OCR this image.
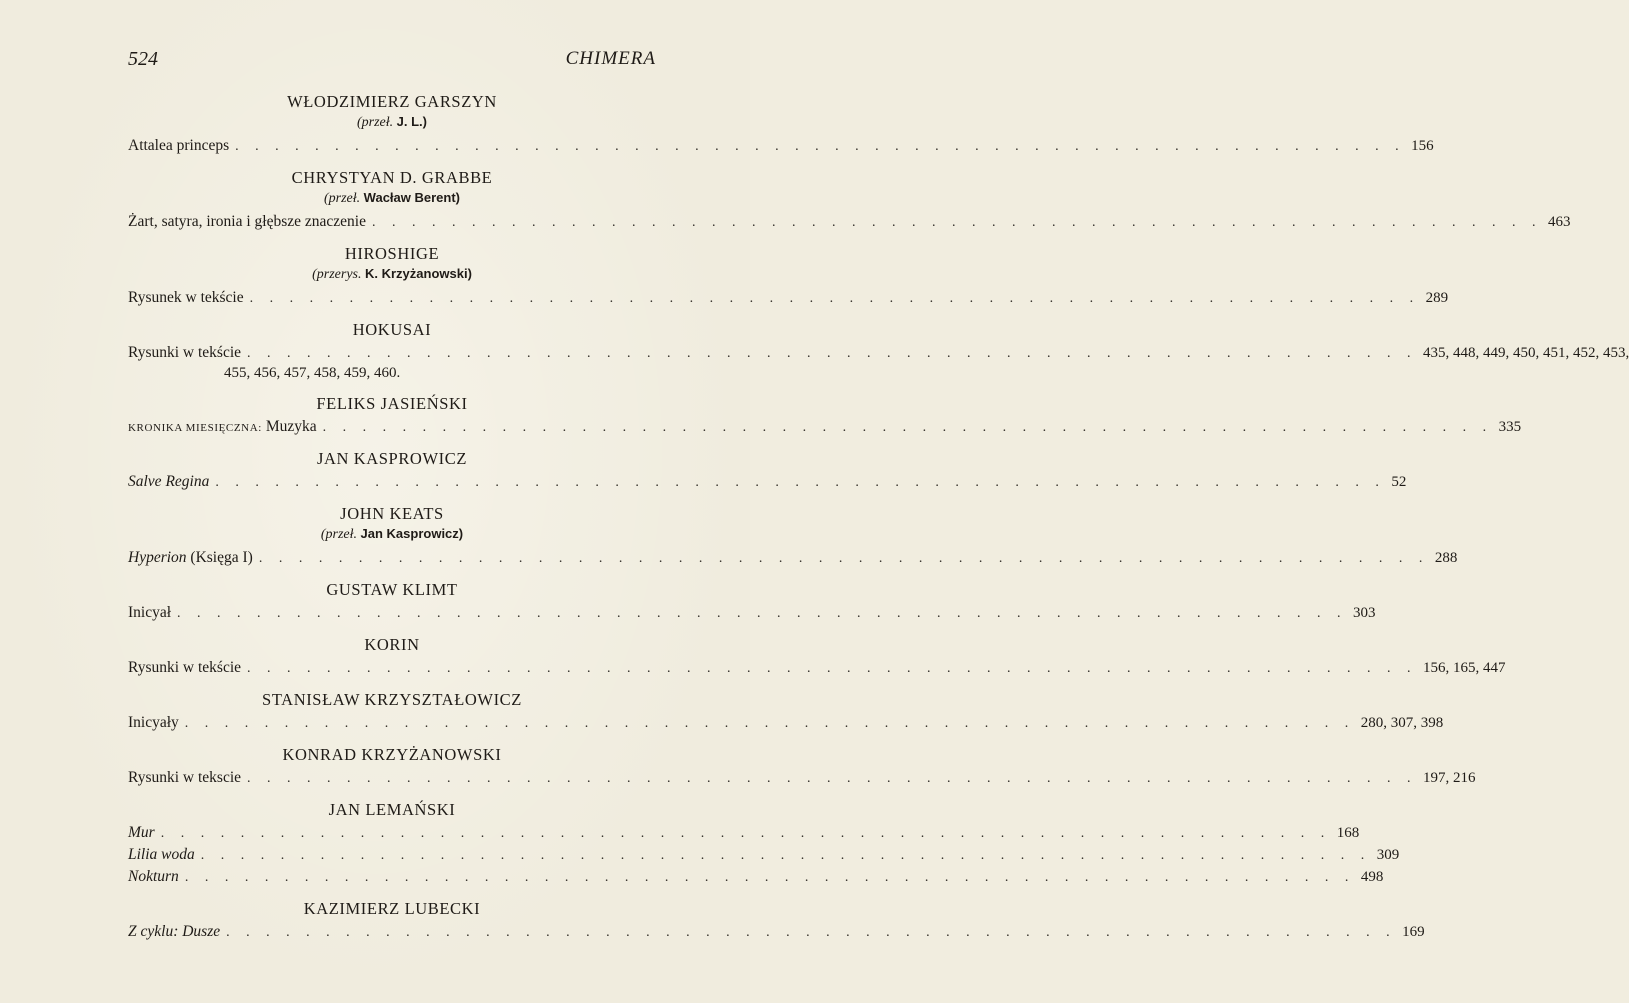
524	CHIMERA
WŁODZIMIERZ GARSZYN
(przeł. J. L.)
Attalea princeps . . . . . . . . . . . . . . . . . . . . . . . . . . . . . . . . . . . . . . . . . . . . . . . . . . . . . . . . . . . 156
CHRYSTYAN D. GRABBE
(przeł. Wacław Berent)
Żart, satyra, ironia i głębsze znaczenie . . . . . . . . . . . . . . . . . . . . . . . . . . . . . . . . . . . . . . . . . . . . . . . . . . . . . . . . . . . 463
HIROSHIGE
(przerys. K. Krzyżanowski)
Rysunek w tekście . . . . . . . . . . . . . . . . . . . . . . . . . . . . . . . . . . . . . . . . . . . . . . . . . . . . . . . . . . . 289
HOKUSAI
Rysunki w tekście . . . . . . . . . . . . . . . . . . . . . . . . . . . . . . . . . . . . . . . . . . . . . . . . . . . . . . . . . . . 435, 448, 449, 450, 451, 452, 453,
455, 456, 457, 458, 459, 460.
FELIKS JASIEŃSKI
KRONIKA MIESIĘCZNA: Muzyka . . . . . . . . . . . . . . . . . . . . . . . . . . . . . . . . . . . . . . . . . . . . . . . . . . . . . . . . . . . 335
JAN KASPROWICZ
Salve Regina . . . . . . . . . . . . . . . . . . . . . . . . . . . . . . . . . . . . . . . . . . . . . . . . . . . . . . . . . . . 52
JOHN KEATS
(przeł. Jan Kasprowicz)
Hyperion (Księga I) . . . . . . . . . . . . . . . . . . . . . . . . . . . . . . . . . . . . . . . . . . . . . . . . . . . . . . . . . . . 288
GUSTAW KLIMT
Inicyał . . . . . . . . . . . . . . . . . . . . . . . . . . . . . . . . . . . . . . . . . . . . . . . . . . . . . . . . . . . 303
KORIN
Rysunki w tekście . . . . . . . . . . . . . . . . . . . . . . . . . . . . . . . . . . . . . . . . . . . . . . . . . . . . . . . . . . . 156, 165, 447
STANISŁAW KRZYSZTAŁOWICZ
Inicyały . . . . . . . . . . . . . . . . . . . . . . . . . . . . . . . . . . . . . . . . . . . . . . . . . . . . . . . . . . . 280, 307, 398
KONRAD KRZYŻANOWSKI
Rysunki w tekscie . . . . . . . . . . . . . . . . . . . . . . . . . . . . . . . . . . . . . . . . . . . . . . . . . . . . . . . . . . . 197, 216
JAN LEMAŃSKI
Mur . . . . . . . . . . . . . . . . . . . . . . . . . . . . . . . . . . . . . . . . . . . . . . . . . . . . . . . . . . . 168
Lilia woda . . . . . . . . . . . . . . . . . . . . . . . . . . . . . . . . . . . . . . . . . . . . . . . . . . . . . . . . . . . 309
Nokturn . . . . . . . . . . . . . . . . . . . . . . . . . . . . . . . . . . . . . . . . . . . . . . . . . . . . . . . . . . . 498
KAZIMIERZ LUBECKI
Z cyklu: Dusze . . . . . . . . . . . . . . . . . . . . . . . . . . . . . . . . . . . . . . . . . . . . . . . . . . . . . . . . . . . 169
